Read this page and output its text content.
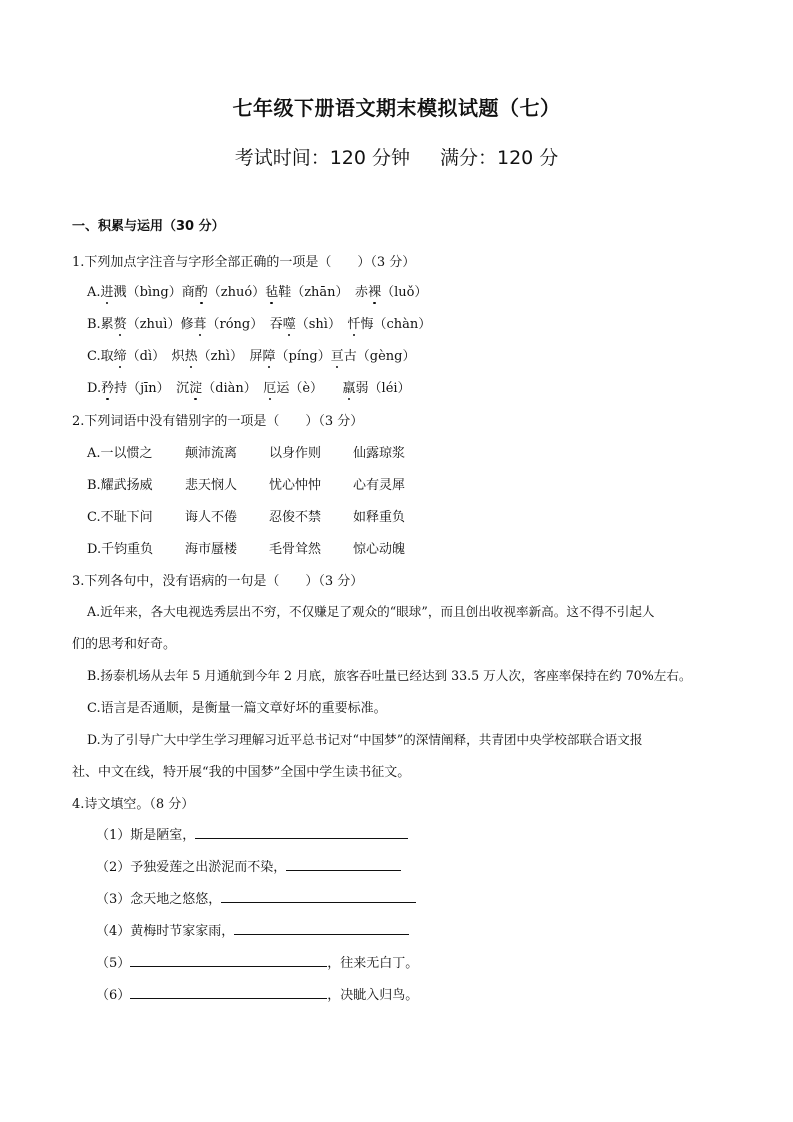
七年级下册语文期末模拟试题（七）
考试时间：120 分钟 满分：120 分
一、积累与运用（30 分）
1.下列加点字注音与字形全部正确的一项是（　　）（3 分）
A.进溅（bìng）商酌（zhuó）毡鞋（zhān）　赤裸（luǒ）
B.累赘（zhuì）修葺（róng）　吞噬（shì）　忏悔（chàn）
C.取缔（dì）　炽热（zhì）　屏障（píng）亘古（gèng）
D.矜持（jīn）　沉淀（diàn）　厄运（è）　　羸弱（léi）
2.下列词语中没有错别字的一项是（　　）（3 分）
A.一以惯之 颠沛流离 以身作则 仙露琼浆
B.耀武扬威 悲天悯人 忧心忡忡 心有灵犀
C.不耻下问 诲人不倦 忍俊不禁 如释重负
D.千钧重负 海市蜃楼 毛骨耸然 惊心动魄
3.下列各句中，没有语病的一句是（　　）（3 分）
A.近年来，各大电视选秀层出不穷，不仅赚足了观众的“眼球”，而且创出收视率新高。这不得不引起人
们的思考和好奇。
B.扬泰机场从去年 5 月通航到今年 2 月底，旅客吞吐量已经达到 33.5 万人次，客座率保持在约 70%左右。
C.语言是否通顺，是衡量一篇文章好坏的重要标准。
D.为了引导广大中学生学习理解习近平总书记对“中国梦”的深情阐释，共青团中央学校部联合语文报
社、中文在线，特开展“我的中国梦”全国中学生读书征文。
4.诗文填空。（8 分）
（1）斯是陋室，
（2）予独爱莲之出淤泥而不染，
（3）念天地之悠悠，
（4）黄梅时节家家雨，
（5）	，往来无白丁。
（6）	，决眦入归鸟。
